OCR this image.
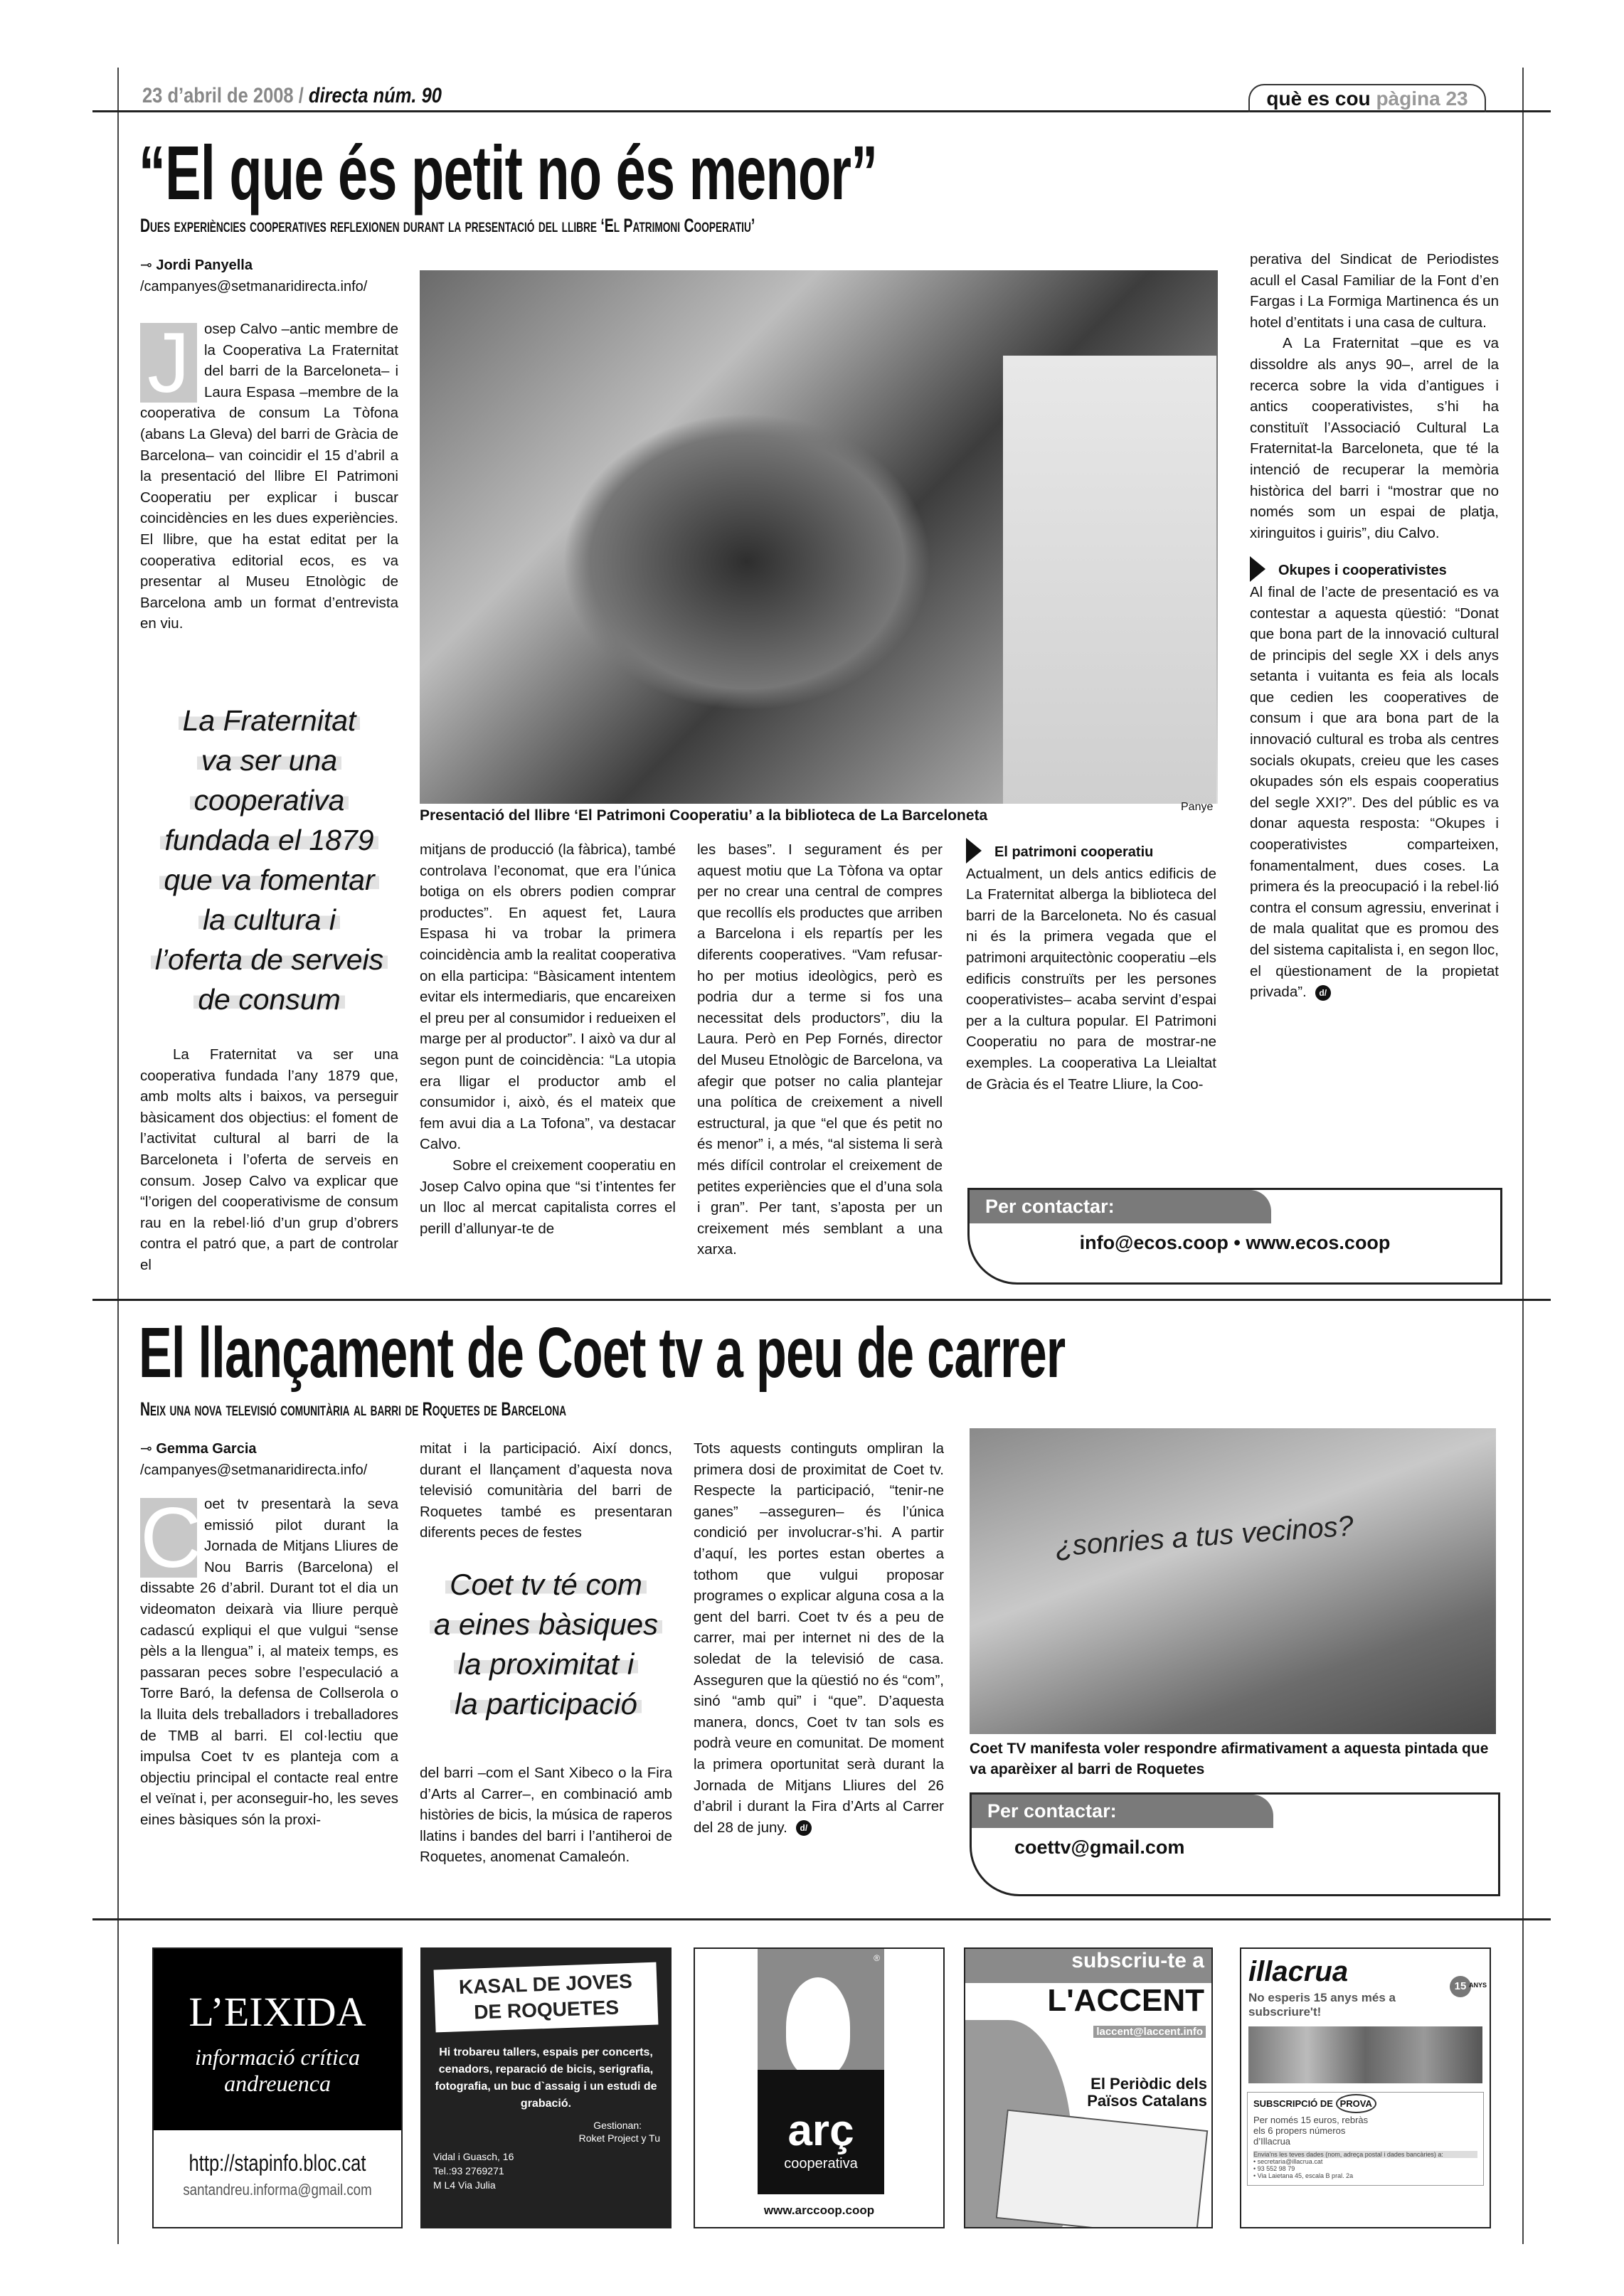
23 d’abril de 2008 / directa núm. 90	què es cou pàgina 23
“El que és petit no és menor”
Dues experiències cooperatives reflexionen durant la presentació del llibre ‘El Patrimoni Cooperatiu’
⊸ Jordi Panyella
/campanyes@setmanaridirecta.info/

J osep Calvo –antic membre de la Cooperativa La Fraternitat del barri de la Barceloneta– i Laura Espasa –membre de la cooperativa de consum La Tòfona (abans La Gleva) del barri de Gràcia de Barcelona– van coincidir el 15 d’abril a la presentació del llibre El Patrimoni Cooperatiu per explicar i buscar coincidències en les dues experiències. El llibre, que ha estat editat per la cooperativa editorial ecos, es va presentar al Museu Etnològic de Barcelona amb un format d’entrevista en viu.

La Fraternitat
va ser una
cooperativa
fundada el 1879
que va fomentar
la cultura i
l’oferta de serveis
de consum

La Fraternitat va ser una cooperativa fundada l’any 1879 que, amb molts alts i baixos, va perseguir bàsicament dos objectius: el foment de l’activitat cultural al barri de la Barceloneta i l’oferta de serveis en consum. Josep Calvo va explicar que “l’origen del cooperativisme de consum rau en la rebel·lió d’un grup d’obrers contra el patró que, a part de controlar el

Presentació del llibre ‘El Patrimoni Cooperatiu’ a la biblioteca de La Barceloneta
Panye

mitjans de producció (la fàbrica), també controlava l’economat, que era l’única botiga on els obrers podien comprar productes”. En aquest fet, Laura Espasa hi va trobar la primera coincidència amb la realitat cooperativa on ella participa: “Bàsicament intentem evitar els intermediaris, que encareixen el preu per al consumidor i redueixen el marge per al productor”. I això va dur al segon punt de coincidència: “La utopia era lligar el productor amb el consumidor i, això, és el mateix que fem avui dia a La Tofona”, va destacar Calvo.

Sobre el creixement cooperatiu en Josep Calvo opina que “si t’intentes fer un lloc al mercat capitalista corres el perill d’allunyar-te de

les bases”. I segurament és per aquest motiu que La Tòfona va optar per no crear una central de compres que recollís els productes que arriben a Barcelona i els repartís per les diferents cooperatives. “Vam refusar-ho per motius ideològics, però es podria dur a terme si fos una necessitat dels productors”, diu la Laura. Però en Pep Fornés, director del Museu Etnològic de Barcelona, va afegir que potser no calia plantejar una política de creixement a nivell estructural, ja que “el que és petit no és menor” i, a més, “al sistema li serà més difícil controlar el creixement de petites experiències que el d’una sola i gran”. Per tant, s’aposta per un creixement més semblant a una xarxa.

El patrimoni cooperatiu

Actualment, un dels antics edificis de La Fraternitat alberga la biblioteca del barri de la Barceloneta. No és casual ni és la primera vegada que el patrimoni arquitectònic cooperatiu –els edificis construïts per les persones cooperativistes– acaba servint d’espai per a la cultura popular. El Patrimoni Cooperatiu no para de mostrar-ne exemples. La cooperativa La Lleialtat de Gràcia és el Teatre Lliure, la Coo-

perativa del Sindicat de Periodistes acull el Casal Familiar de la Font d’en Fargas i La Formiga Martinenca és un hotel d’entitats i una casa de cultura.

A La Fraternitat –que es va dissoldre als anys 90–, arrel de la recerca sobre la vida d’antigues i antics cooperativistes, s’hi ha constituït l’Associació Cultural La Fraternitat-la Barceloneta, que té la intenció de recuperar la memòria històrica del barri i “mostrar que no només som un espai de platja, xiringuitos i guiris”, diu Calvo.

Okupes i cooperativistes

Al final de l’acte de presentació es va contestar a aquesta qüestió: “Donat que bona part de la innovació cultural de principis del segle XX i dels anys setanta i vuitanta es feia als locals que cedien les cooperatives de consum i que ara bona part de la innovació cultural es troba als centres socials okupats, creieu que les cases okupades són els espais cooperatius del segle XXI?”. Des del públic es va donar aquesta resposta: “Okupes i cooperativistes comparteixen, fonamentalment, dues coses. La primera és la preocupació i la rebel·lió contra el consum agressiu, enverinat i de mala qualitat que es promou des del sistema capitalista i, en segon lloc, el qüestionament de la propietat privada”. d/

Per contactar:
info@ecos.coop • www.ecos.coop
El llançament de Coet tv a peu de carrer
Neix una nova televisió comunitària al barri de Roquetes de Barcelona
⊸ Gemma Garcia
/campanyes@setmanaridirecta.info/

C oet tv presentarà la seva emissió pilot durant la Jornada de Mitjans Lliures de Nou Barris (Barcelona) el dissabte 26 d’abril. Durant tot el dia un videomaton deixarà via lliure perquè cadascú expliqui el que vulgui “sense pèls a la llengua” i, al mateix temps, es passaran peces sobre l’especulació a Torre Baró, la defensa de Collserola o la lluita dels treballadors i treballadores de TMB al barri. El col·lectiu que impulsa Coet tv es planteja com a objectiu principal el contacte real entre el veïnat i, per aconseguir-ho, les seves eines bàsiques són la proxi-

mitat i la participació. Així doncs, durant el llançament d’aquesta nova televisió comunitària del barri de Roquetes també es presentaran diferents peces de festes

Coet tv té com
a eines bàsiques
la proximitat i
la participació

del barri –com el Sant Xibeco o la Fira d’Arts al Carrer–, en combinació amb històries de bicis, la música de raperos llatins i bandes del barri i l’antiheroi de Roquetes, anomenat Camaleón.

Tots aquests continguts ompliran la primera dosi de proximitat de Coet tv. Respecte la participació, “tenir-ne ganes” –asseguren– és l’única condició per involucrar-s’hi. A partir d’aquí, les portes estan obertes a tothom que vulgui proposar programes o explicar alguna cosa a la gent del barri. Coet tv és a peu de carrer, mai per internet ni des de la soledat de la televisió de casa. Asseguren que la qüestió no és “com”, sinó “amb qui” i “que”. D’aquesta manera, doncs, Coet tv tan sols es podrà veure en comunitat. De moment la primera oportunitat serà durant la Jornada de Mitjans Lliures del 26 d’abril i durant la Fira d’Arts al Carrer del 28 de juny. d/

¿sonries a tus vecinos?
Coet TV manifesta voler respondre afirmativament a aquesta pintada que va aparèixer al barri de Roquetes
Per contactar:
coettv@gmail.com
L’EIXIDA
informació crítica
andreuenca
http://stapinfo.bloc.cat
santandreu.informa@gmail.com
KASAL DE JOVES
DE ROQUETES
Hi trobareu tallers, espais per concerts, cenadors, reparació de bicis, serigrafia, fotografia, un buc d`assaig i un estudi de grabació.
Gestionan:
Roket Project y Tu
Vidal i Guasch, 16
Tel.:93 2769271
M L4 Via Julia
arç
cooperativa
®
www.arccoop.coop
subscriu-te a
L'ACCENT
laccent@laccent.info
El Periòdic dels
Països Catalans
illacrua	15 ANYS
No esperis 15 anys més a subscriure't!
SUBSCRIPCIÓ DE PROVA
Per només 15 euros, rebràs els 6 propers números d’Illacrua
Envia'ns les teves dades (nom, adreça postal i dades bancàries) a:
• secretaria@illacrua.cat
• 93 552 98 79
• Via Laietana 45, escala B pral. 2a
